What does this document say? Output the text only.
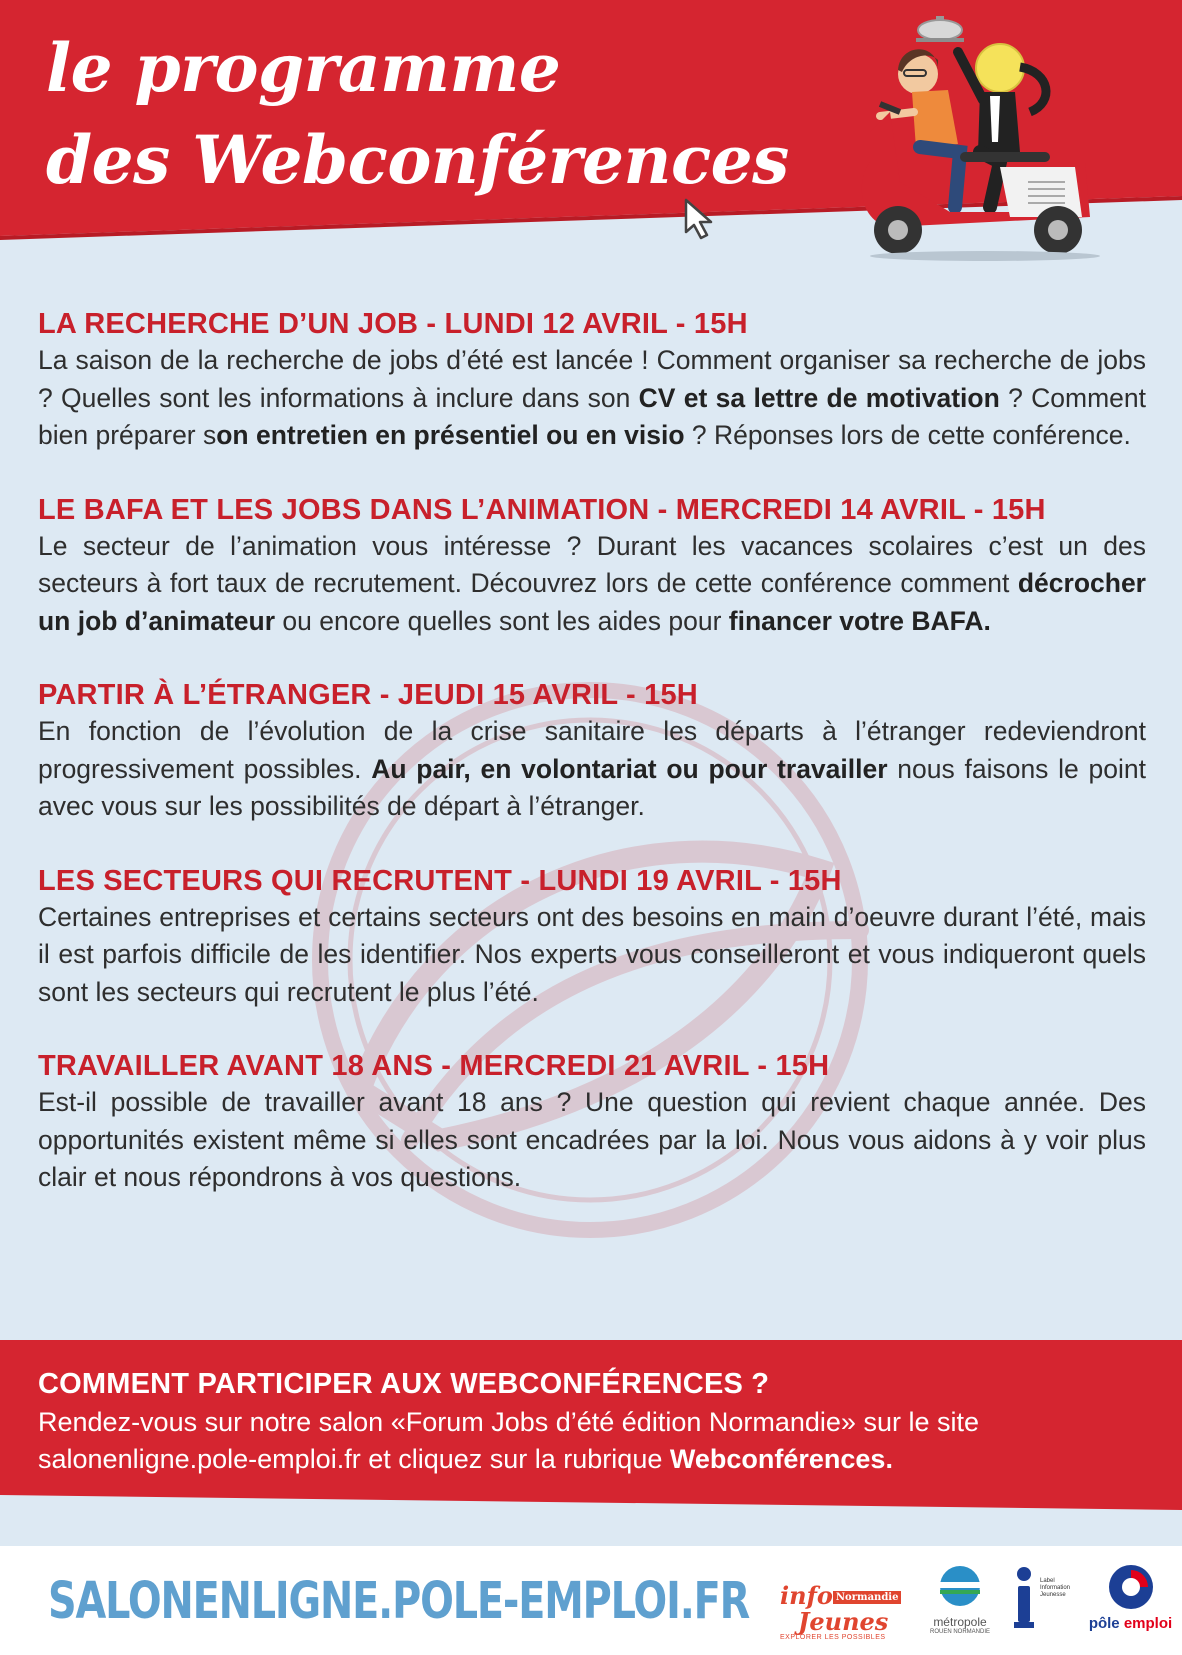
le programme
des Webconférences
LA RECHERCHE D’UN JOB - LUNDI 12 AVRIL - 15H

La saison de la recherche de jobs d’été est lancée ! Comment organiser sa recherche de jobs ? Quelles sont les informations à inclure dans son CV et sa lettre de motivation ? Comment bien préparer son entretien en présentiel ou en visio ? Réponses lors de cette conférence.

LE BAFA ET LES JOBS DANS L’ANIMATION - MERCREDI 14 AVRIL - 15H

Le secteur de l’animation vous intéresse ? Durant les vacances scolaires c’est un des secteurs à fort taux de recrutement. Découvrez lors de cette conférence comment décrocher un job d’animateur ou encore quelles sont les aides pour financer votre BAFA.

PARTIR À L’ÉTRANGER - JEUDI 15 AVRIL - 15H

En fonction de l’évolution de la crise sanitaire les départs à l’étranger redeviendront progressivement possibles. Au pair, en volontariat ou pour travailler nous faisons le point avec vous sur les possibilités de départ à l’étranger.

LES SECTEURS QUI RECRUTENT - LUNDI 19 AVRIL - 15H

Certaines entreprises et certains secteurs ont des besoins en main d’oeuvre durant l’été, mais il est parfois difficile de les identifier. Nos experts vous conseilleront et vous indiqueront quels sont les secteurs qui recrutent le plus l’été.

TRAVAILLER AVANT 18 ANS - MERCREDI 21 AVRIL - 15H

Est-il possible de travailler avant 18 ans ? Une question qui revient chaque année. Des opportunités existent même si elles sont encadrées par la loi. Nous vous aidons à y voir plus clair et nous répondrons à vos questions.

COMMENT PARTICIPER AUX WEBCONFÉRENCES ?

Rendez-vous sur notre salon «Forum Jobs d’été édition Normandie» sur le site salonenligne.pole-emploi.fr et cliquez sur la rubrique Webconférences.

SALONENLIGNE.POLE-EMPLOI.FR info Normandie
Jeunes
EXPLORER LES POSSIBLES
métropole
ROUEN NORMANDIE
Label Information Jeunesse
pôle emploi
